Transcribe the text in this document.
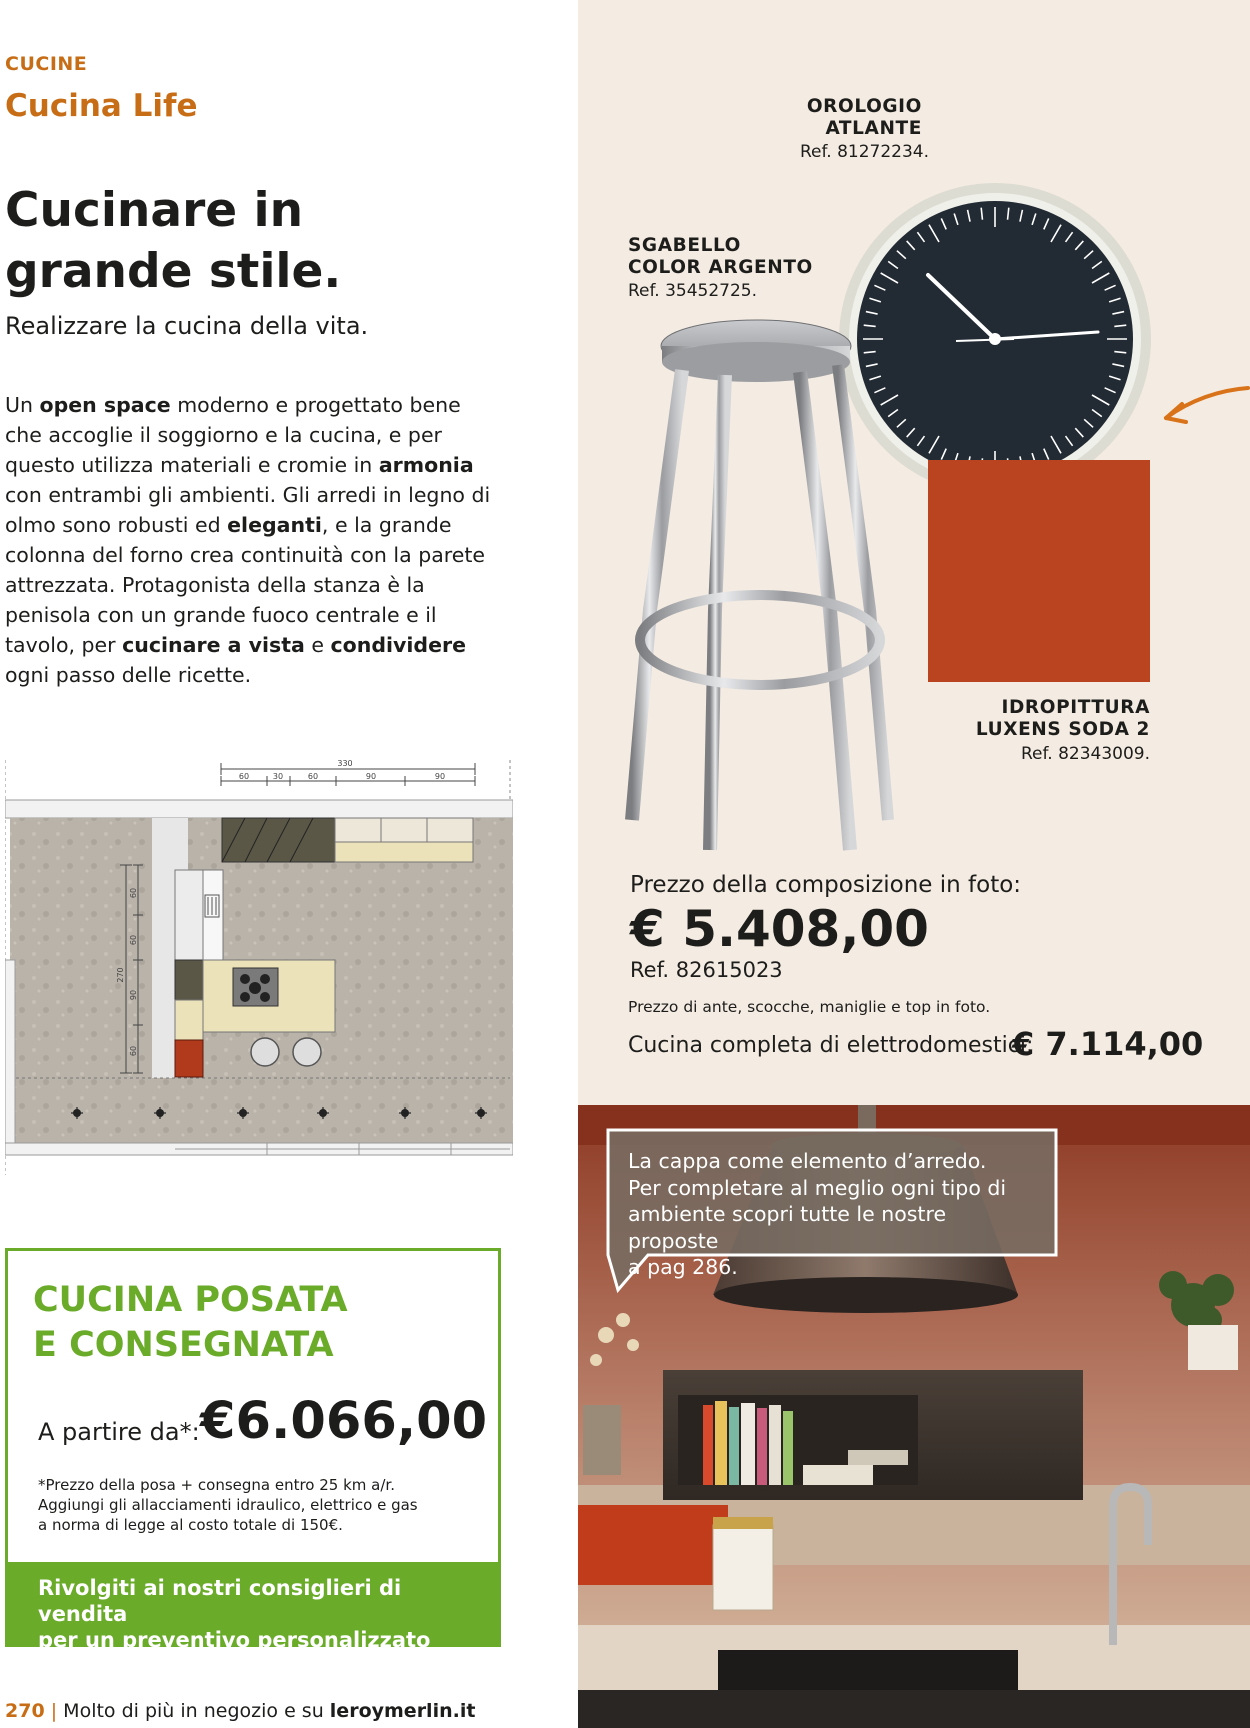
CUCINE
Cucina Life
Cucinare in
grande stile.
Realizzare la cucina della vita.
Un open space moderno e progettato bene che accoglie il soggiorno e la cucina, e per questo utilizza materiali e cromie in armonia con entrambi gli ambienti. Gli arredi in legno di olmo sono robusti ed eleganti, e la grande colonna del forno crea continuità con la parete attrezzata. Protagonista della stanza è la penisola con un grande fuoco centrale e il tavolo, per cucinare a vista e condividere ogni passo delle ricette.
330
60	30	60	90	90
270
60
60
90
60
CUCINA POSATA
E CONSEGNATA
A partire da*: €6.066,00
*Prezzo della posa + consegna entro 25 km a/r.
Aggiungi gli allacciamenti idraulico, elettrico e gas
a norma di legge al costo totale di 150€.
Rivolgiti ai nostri consiglieri di vendita
per un preventivo personalizzato
270 | Molto di più in negozio e su leroymerlin.it
OROLOGIO
ATLANTE
Ref. 81272234.
SGABELLO
COLOR ARGENTO
Ref. 35452725.
IDROPITTURA
LUXENS SODA 2
Ref. 82343009.
Prezzo della composizione in foto:
€ 5.408,00
Ref. 82615023
Prezzo di ante, scocche, maniglie e top in foto.
Cucina completa di elettrodomestici:
€ 7.114,00
La cappa come elemento d’arredo.
Per completare al meglio ogni tipo di
ambiente scopri tutte le nostre proposte
a pag 286.
